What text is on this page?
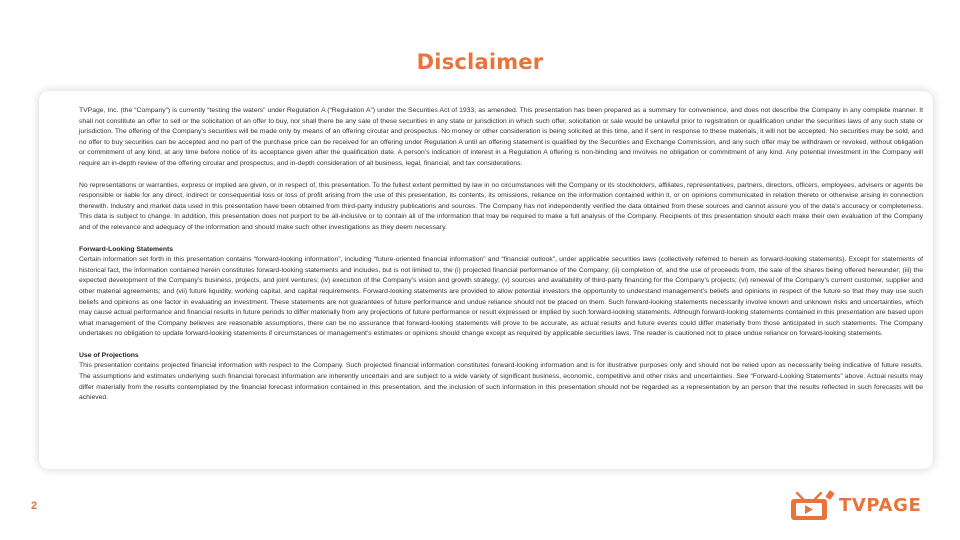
Disclaimer

TVPage, Inc. (the “Company”) is currently “testing the waters” under Regulation A (“Regulation A”) under the Securities Act of 1933, as amended. This presentation has been prepared as a summary for convenience, and does not describe the Company in any complete manner. It shall not constitute an offer to sell or the solicitation of an offer to buy, nor shall there be any sale of these securities in any state or jurisdiction in which such offer, solicitation or sale would be unlawful prior to registration or qualification under the securities laws of any such state or jurisdiction. The offering of the Company’s securities will be made only by means of an offering circular and prospectus. No money or other consideration is being solicited at this time, and if sent in response to these materials, it will not be accepted. No securities may be sold, and no offer to buy securities can be accepted and no part of the purchase price can be received for an offering under Regulation A until an offering statement is qualified by the Securities and Exchange Commission, and any such offer may be withdrawn or revoked, without obligation or commitment of any kind, at any time before notice of its acceptance given after the qualification date. A person’s indication of interest in a Regulation A offering is non-binding and involves no obligation or commitment of any kind. Any potential investment in the Company will require an in-depth review of the offering circular and prospectus, and in-depth consideration of all business, legal, financial, and tax considerations.

No representations or warranties, express or implied are given, or in respect of, this presentation. To the fullest extent permitted by law in no circumstances will the Company or its stockholders, affiliates, representatives, partners, directors, officers, employees, advisers or agents be responsible or liable for any direct, indirect or consequential loss or loss of profit arising from the use of this presentation, its contents, its omissions, reliance on the information contained within it, or on opinions communicated in relation thereto or otherwise arising in connection therewith. Industry and market data used in this presentation have been obtained from third-party industry publications and sources. The Company has not independently verified the data obtained from these sources and cannot assure you of the data’s accuracy or completeness. This data is subject to change. In addition, this presentation does not purport to be all-inclusive or to contain all of the information that may be required to make a full analysis of the Company. Recipients of this presentation should each make their own evaluation of the Company and of the relevance and adequacy of the information and should make such other investigations as they deem necessary.

Forward-Looking Statements

Certain information set forth in this presentation contains “forward-looking information”, including “future-oriented financial information” and “financial outlook”, under applicable securities laws (collectively referred to herein as forward-looking statements). Except for statements of historical fact, the information contained herein constitutes forward-looking statements and includes, but is not limited to, the (i) projected financial performance of the Company; (ii) completion of, and the use of proceeds from, the sale of the shares being offered hereunder; (iii) the expected development of the Company’s business, projects, and joint ventures; (iv) execution of the Company’s vision and growth strategy; (v) sources and availability of third-party financing for the Company’s projects; (vi) renewal of the Company’s current customer, supplier and other material agreements; and (vii) future liquidity, working capital, and capital requirements. Forward-looking statements are provided to allow potential investors the opportunity to understand management’s beliefs and opinions in respect of the future so that they may use such beliefs and opinions as one factor in evaluating an investment. These statements are not guarantees of future performance and undue reliance should not be placed on them. Such forward-looking statements necessarily involve known and unknown risks and uncertainties, which may cause actual performance and financial results in future periods to differ materially from any projections of future performance or result expressed or implied by such forward-looking statements. Although forward-looking statements contained in this presentation are based upon what management of the Company believes are reasonable assumptions, there can be no assurance that forward-looking statements will prove to be accurate, as actual results and future events could differ materially from those anticipated in such statements. The Company undertakes no obligation to update forward-looking statements if circumstances or management’s estimates or opinions should change except as required by applicable securities laws. The reader is cautioned not to place undue reliance on forward-looking statements.

Use of Projections

This presentation contains projected financial information with respect to the Company. Such projected financial information constitutes forward-looking information and is for illustrative purposes only and should not be relied upon as necessarily being indicative of future results. The assumptions and estimates underlying such financial forecast information are inherently uncertain and are subject to a wide variety of significant business, economic, competitive and other risks and uncertainties. See “Forward-Looking Statements” above. Actual results may differ materially from the results contemplated by the financial forecast information contained in this presentation, and the inclusion of such information in this presentation should not be regarded as a representation by an person that the results reflected in such forecasts will be achieved.

2	TVPAGE
